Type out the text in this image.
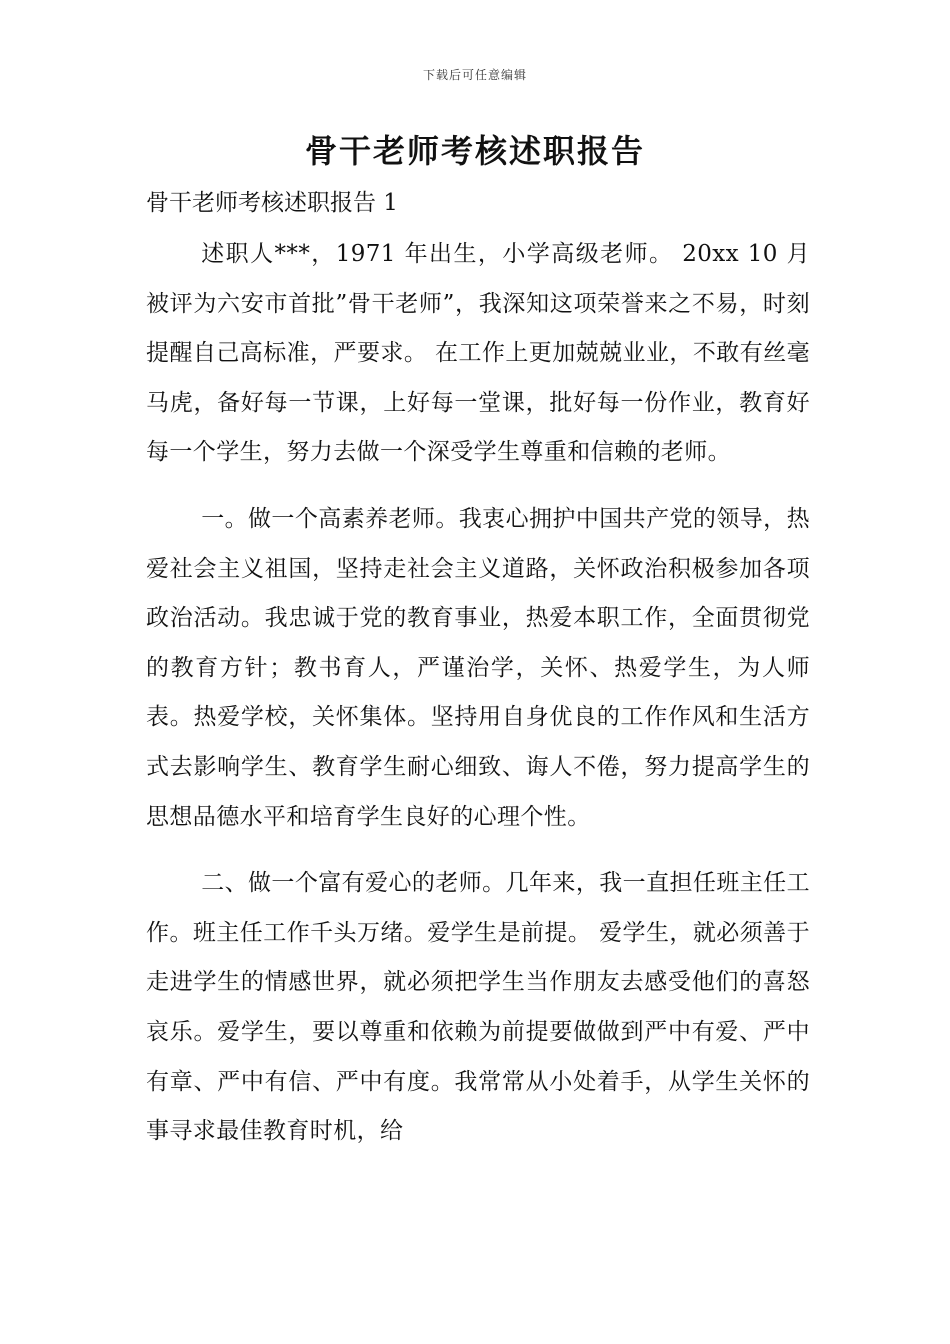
下载后可任意编辑
骨干老师考核述职报告
骨干老师考核述职报告 1

述职人***，1971 年出生，小学高级老师。 20xx 10 月被评为六安市首批”骨干老师”，我深知这项荣誉来之不易，时刻提醒自己高标准，严要求。 在工作上更加兢兢业业，不敢有丝毫马虎，备好每一节课，上好每一堂课，批好每一份作业，教育好每一个学生，努力去做一个深受学生尊重和信赖的老师。

一。做一个高素养老师。我衷心拥护中国共产党的领导，热爱社会主义祖国，坚持走社会主义道路，关怀政治积极参加各项政治活动。我忠诚于党的教育事业，热爱本职工作，全面贯彻党的教育方针；教书育人，严谨治学，关怀、热爱学生，为人师表。热爱学校，关怀集体。坚持用自身优良的工作作风和生活方式去影响学生、教育学生耐心细致、诲人不倦，努力提高学生的思想品德水平和培育学生良好的心理个性。

二、做一个富有爱心的老师。几年来，我一直担任班主任工作。班主任工作千头万绪。爱学生是前提。 爱学生，就必须善于走进学生的情感世界，就必须把学生当作朋友去感受他们的喜怒哀乐。爱学生，要以尊重和依赖为前提要做做到严中有爱、严中有章、严中有信、严中有度。我常常从小处着手，从学生关怀的事寻求最佳教育时机，给
